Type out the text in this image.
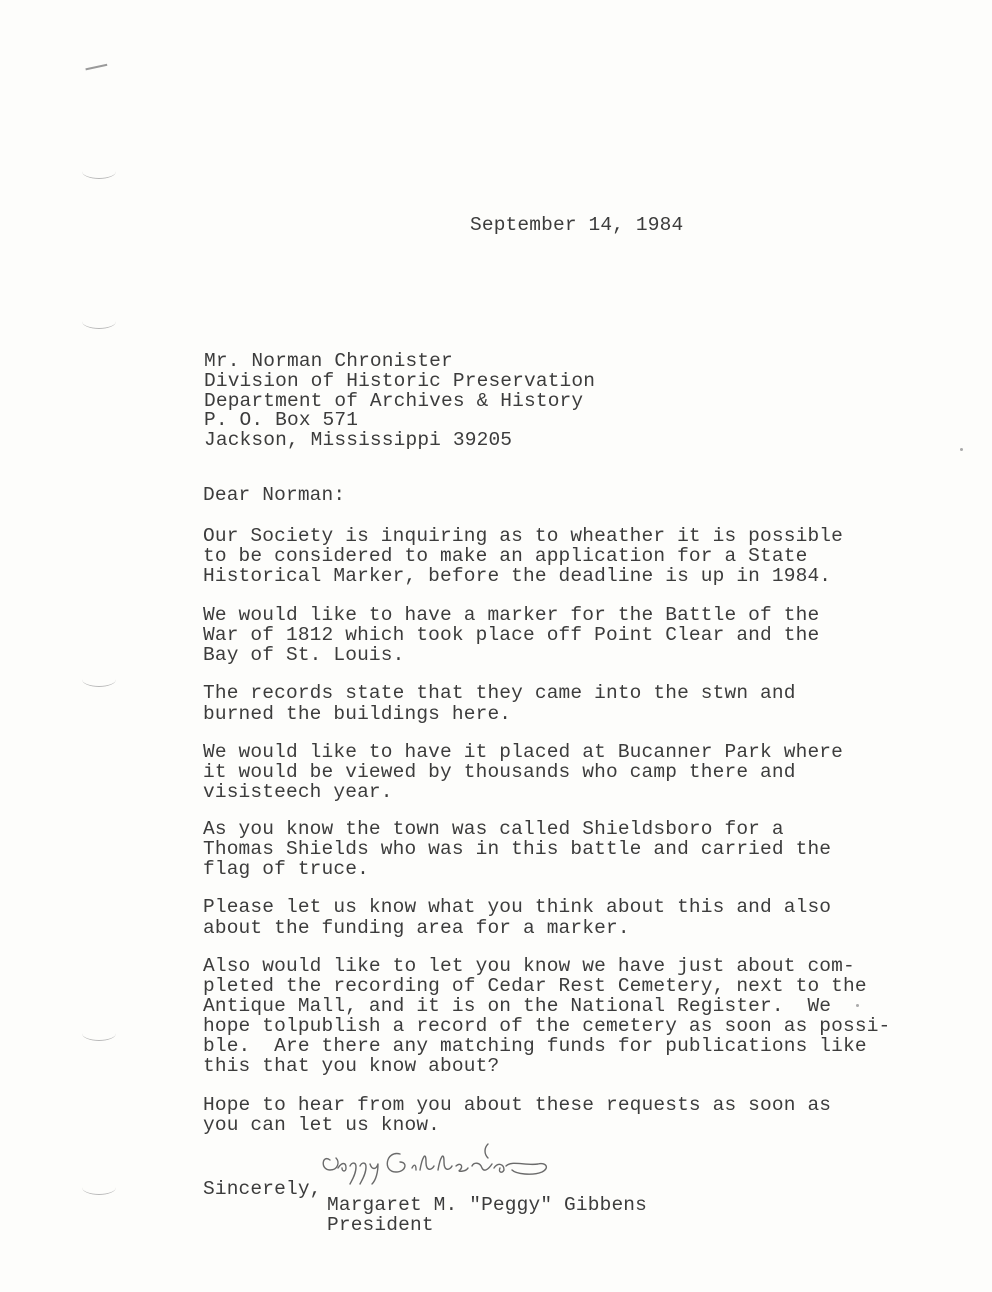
September 14, 1984
Mr. Norman Chronister
Division of Historic Preservation
Department of Archives & History
P. O. Box 571
Jackson, Mississippi 39205
Dear Norman:
Our Society is inquiring as to wheather it is possible
to be considered to make an application for a State
Historical Marker, before the deadline is up in 1984.
We would like to have a marker for the Battle of the
War of 1812 which took place off Point Clear and the
Bay of St. Louis.
The records state that they came into the stwn and
burned the buildings here.
We would like to have it placed at Bucanner Park where
it would be viewed by thousands who camp there and
visisteech year.
As you know the town was called Shieldsboro for a
Thomas Shields who was in this battle and carried the
flag of truce.
Please let us know what you think about this and also
about the funding area for a marker.
Also would like to let you know we have just about com-
pleted the recording of Cedar Rest Cemetery, next to the
Antique Mall, and it is on the National Register.  We
hope tolpublish a record of the cemetery as soon as possi-
ble.  Are there any matching funds for publications like
this that you know about?
Hope to hear from you about these requests as soon as
you can let us know.
Sincerely,
Margaret M. "Peggy" Gibbens
President
